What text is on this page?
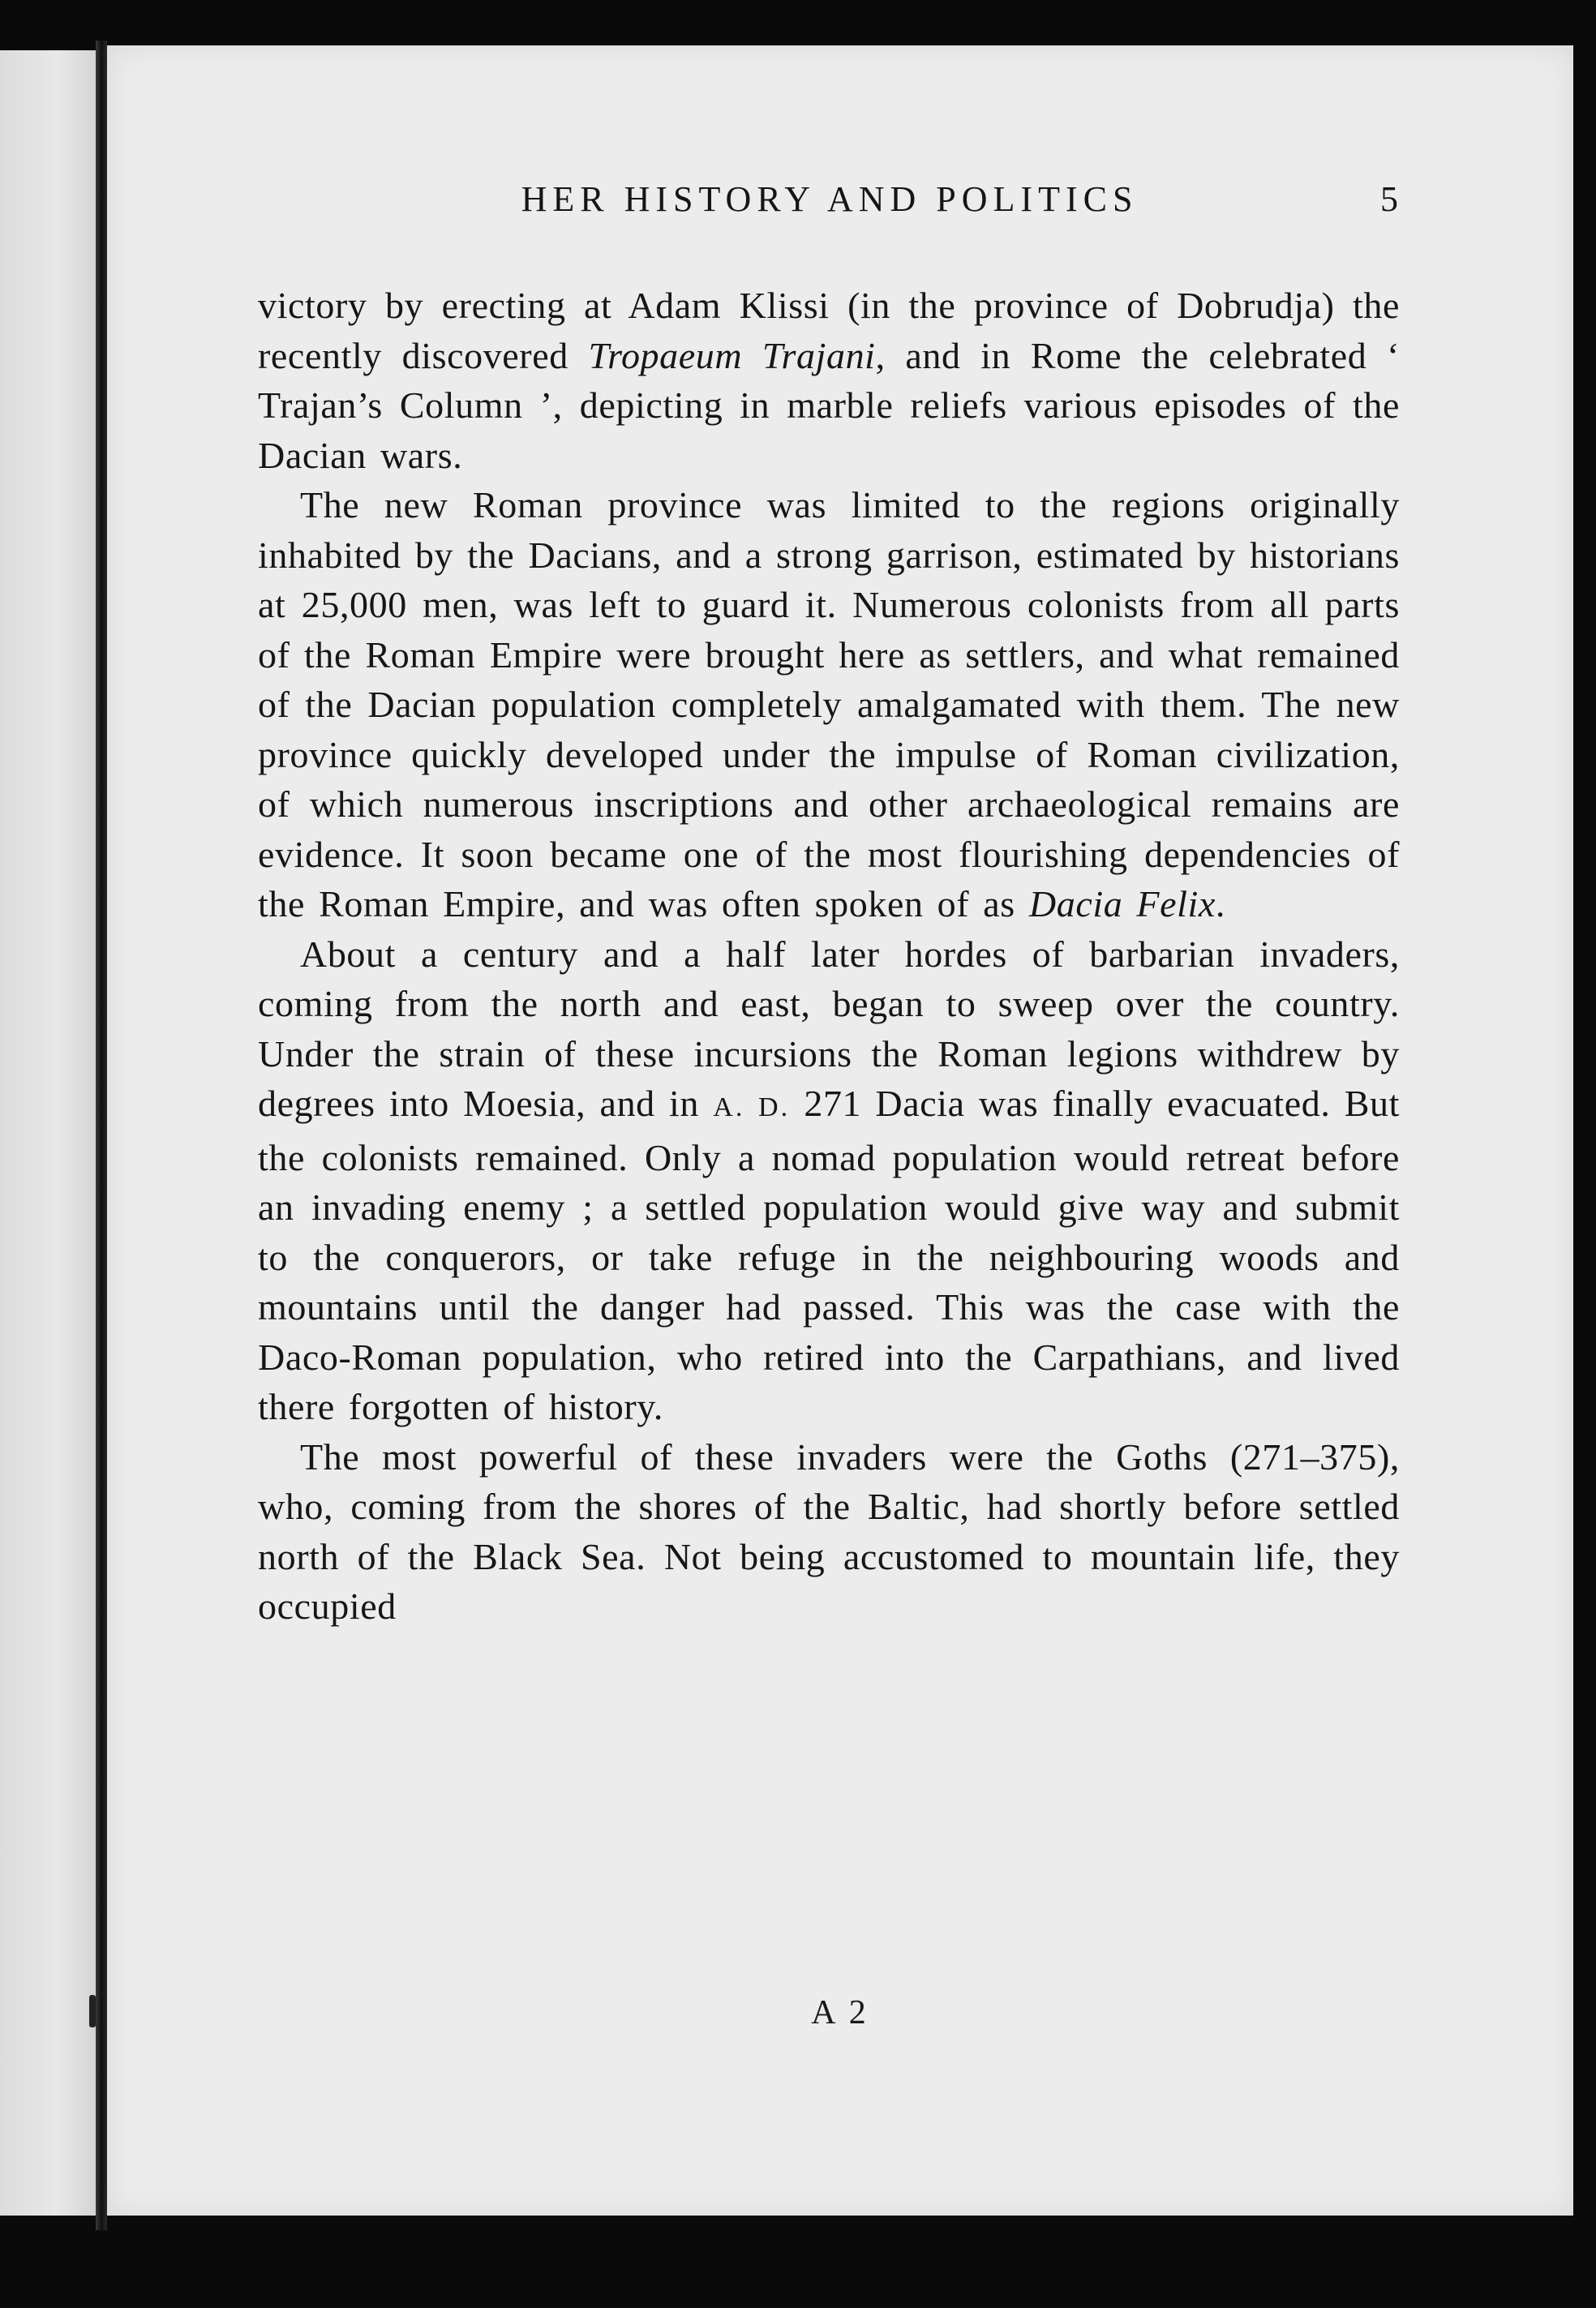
HER HISTORY AND POLITICS	5

victory by erecting at Adam Klissi (in the province of Dobrudja) the recently discovered Tropaeum Trajani, and in Rome the celebrated ‘ Trajan’s Column ’, depicting in marble reliefs various episodes of the Dacian wars.

The new Roman province was limited to the regions originally inhabited by the Dacians, and a strong garrison, estimated by historians at 25,000 men, was left to guard it. Numerous colonists from all parts of the Roman Empire were brought here as settlers, and what remained of the Dacian population completely amalgamated with them. The new province quickly developed under the impulse of Roman civilization, of which numerous inscriptions and other archaeological remains are evidence. It soon became one of the most flourishing dependencies of the Roman Empire, and was often spoken of as Dacia Felix.

About a century and a half later hordes of barbarian invaders, coming from the north and east, began to sweep over the country. Under the strain of these incursions the Roman legions withdrew by degrees into Moesia, and in A. D. 271 Dacia was finally evacuated. But the colonists remained. Only a nomad population would retreat before an invading enemy ; a settled population would give way and submit to the conquerors, or take refuge in the neighbouring woods and mountains until the danger had passed. This was the case with the Daco-Roman population, who retired into the Carpathians, and lived there forgotten of history.

The most powerful of these invaders were the Goths (271–375), who, coming from the shores of the Baltic, had shortly before settled north of the Black Sea. Not being accustomed to mountain life, they occupied

A 2
